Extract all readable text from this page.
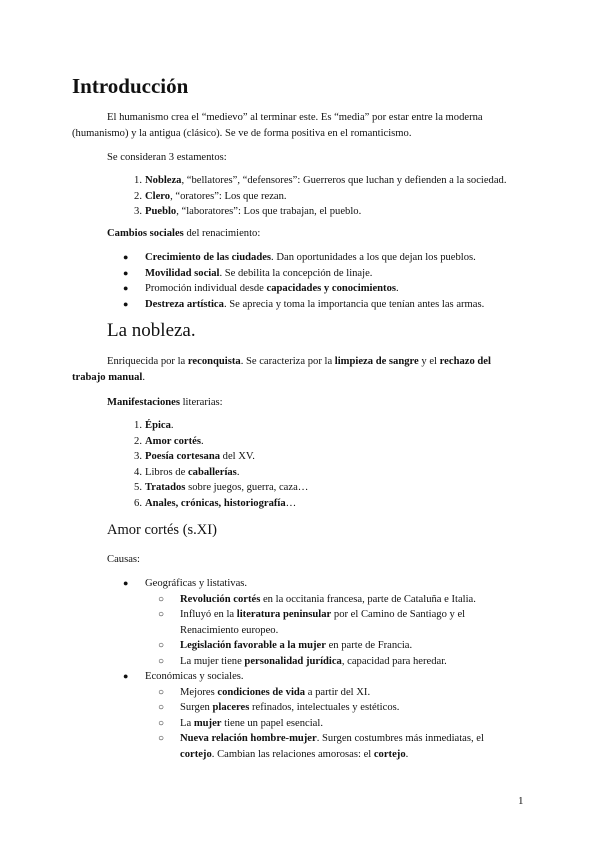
Introducción

El humanismo crea el “medievo” al terminar este. Es “media” por estar entre la moderna
(humanismo) y la antigua (clásico). Se ve de forma positiva en el romanticismo.

Se consideran 3 estamentos:

1. Nobleza, “bellatores”, “defensores”: Guerreros que luchan y defienden a la sociedad.
2. Clero, “oratores”: Los que rezan.
3. Pueblo, “laboratores”: Los que trabajan, el pueblo.

Cambios sociales del renacimiento:

● Crecimiento de las ciudades. Dan oportunidades a los que dejan los pueblos.
● Movilidad social. Se debilita la concepción de linaje.
● Promoción individual desde capacidades y conocimientos.
● Destreza artística. Se aprecia y toma la importancia que tenían antes las armas.
La nobleza.

Enriquecida por la reconquista. Se caracteriza por la limpieza de sangre y el rechazo del
trabajo manual.

Manifestaciones literarias:

1. Épica.
2. Amor cortés.
3. Poesía cortesana del XV.
4. Libros de caballerías.
5. Tratados sobre juegos, guerra, caza…
6. Anales, crónicas, historiografía…
Amor cortés (s.XI)

Causas:

● Geográficas y listativas.
○ Revolución cortés en la occitania francesa, parte de Cataluña e Italia.
○ Influyó en la literatura peninsular por el Camino de Santiago y el
Renacimiento europeo.
○ Legislación favorable a la mujer en parte de Francia.
○ La mujer tiene personalidad jurídica, capacidad para heredar.
● Económicas y sociales.
○ Mejores condiciones de vida a partir del XI.
○ Surgen placeres refinados, intelectuales y estéticos.
○ La mujer tiene un papel esencial.
○ Nueva relación hombre-mujer. Surgen costumbres más inmediatas, el
cortejo. Cambian las relaciones amorosas: el cortejo.
1
